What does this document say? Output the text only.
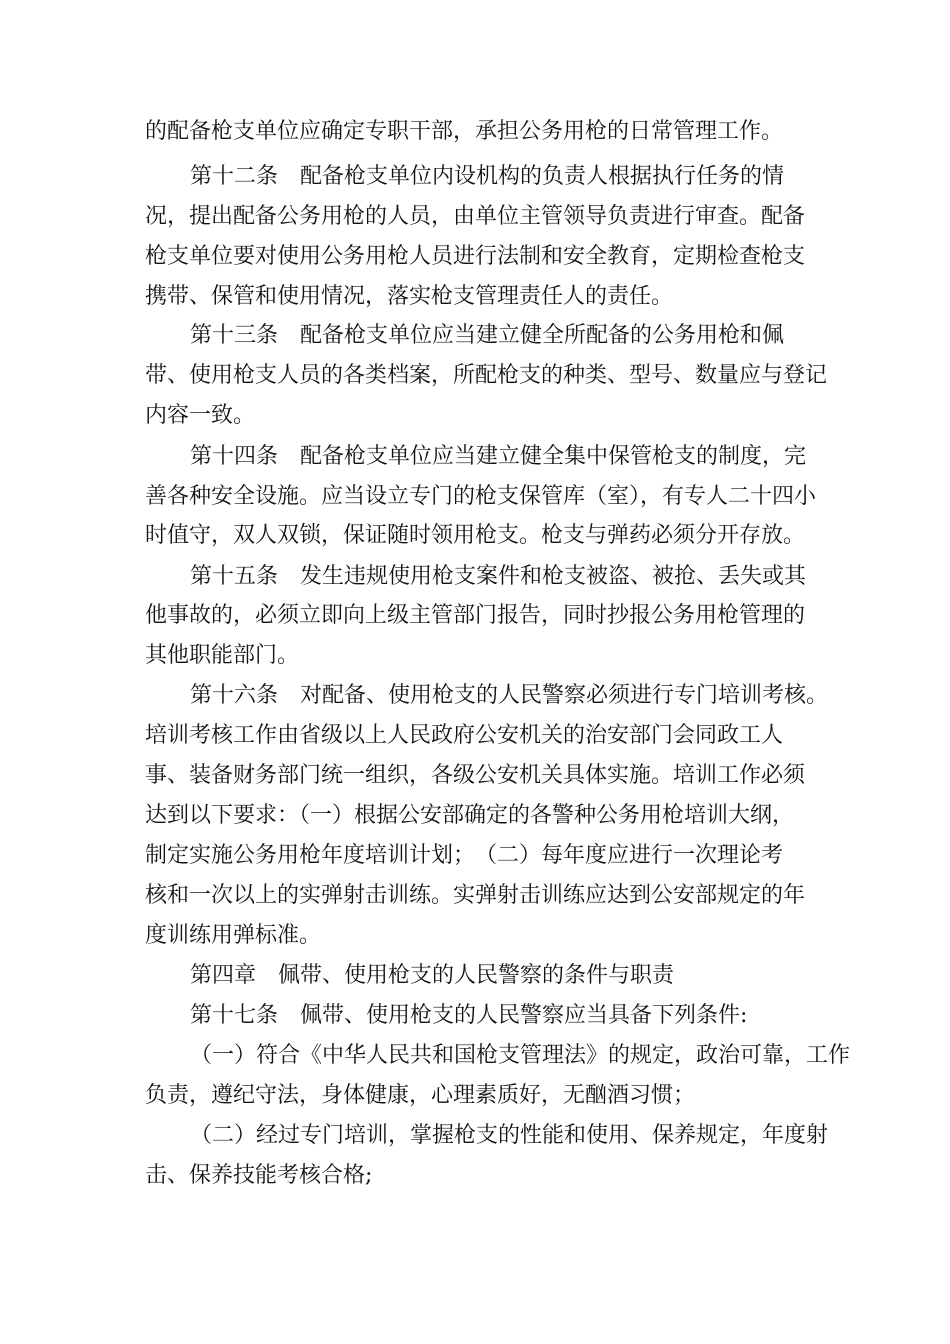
的配备枪支单位应确定专职干部，承担公务用枪的日常管理工作。
第十二条　配备枪支单位内设机构的负责人根据执行任务的情
况，提出配备公务用枪的人员，由单位主管领导负责进行审查。配备
枪支单位要对使用公务用枪人员进行法制和安全教育，定期检查枪支
携带、保管和使用情况，落实枪支管理责任人的责任。
第十三条　配备枪支单位应当建立健全所配备的公务用枪和佩
带、使用枪支人员的各类档案，所配枪支的种类、型号、数量应与登记
内容一致。
第十四条　配备枪支单位应当建立健全集中保管枪支的制度，完
善各种安全设施。应当设立专门的枪支保管库（室），有专人二十四小
时值守，双人双锁，保证随时领用枪支。枪支与弹药必须分开存放。
第十五条　发生违规使用枪支案件和枪支被盗、被抢、丢失或其
他事故的，必须立即向上级主管部门报告，同时抄报公务用枪管理的
其他职能部门。
第十六条　对配备、使用枪支的人民警察必须进行专门培训考核。
培训考核工作由省级以上人民政府公安机关的治安部门会同政工人
事、装备财务部门统一组织，各级公安机关具体实施。培训工作必须
达到以下要求：（一）根据公安部确定的各警种公务用枪培训大纲，
制定实施公务用枪年度培训计划；　（二）每年度应进行一次理论考
核和一次以上的实弹射击训练。实弹射击训练应达到公安部规定的年
度训练用弹标准。
第四章　佩带、使用枪支的人民警察的条件与职责
第十七条　佩带、使用枪支的人民警察应当具备下列条件:
（一）符合《中华人民共和国枪支管理法》的规定，政治可靠，工作
负责，遵纪守法，身体健康，心理素质好，无酗酒习惯；
（二）经过专门培训，掌握枪支的性能和使用、保养规定，年度射
击、保养技能考核合格;
